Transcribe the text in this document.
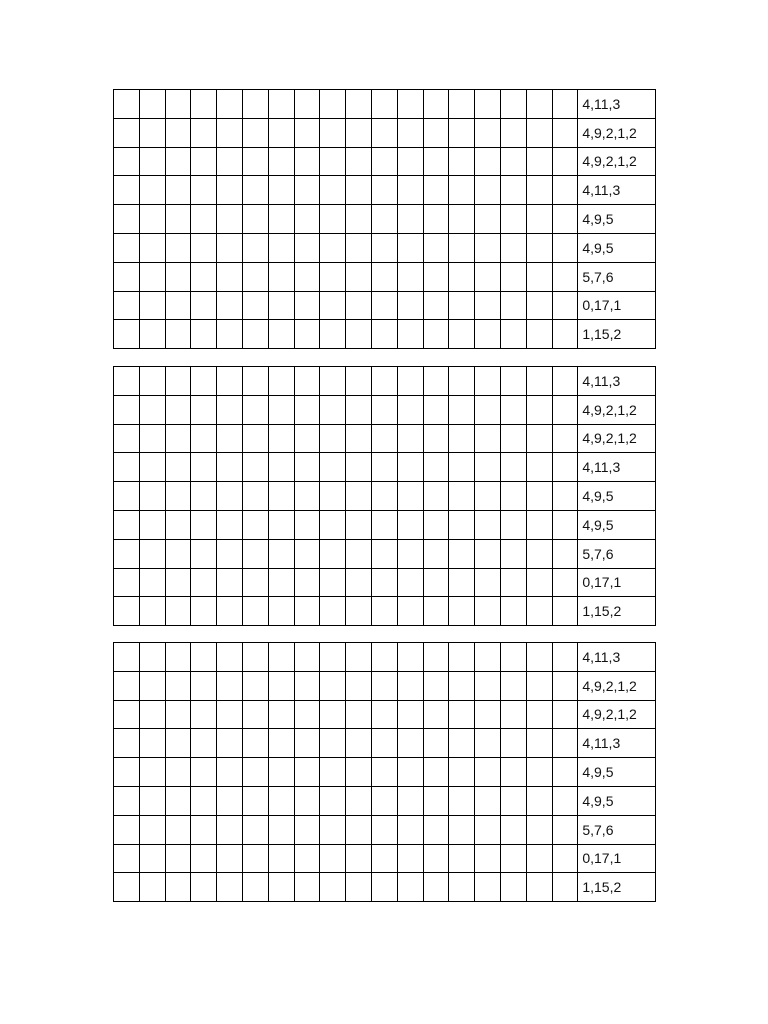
																		4,11,3
																		4,9,2,1,2
																		4,9,2,1,2
																		4,11,3
																		4,9,5
																		4,9,5
																		5,7,6
																		0,17,1
																		1,15,2
																		4,11,3
																		4,9,2,1,2
																		4,9,2,1,2
																		4,11,3
																		4,9,5
																		4,9,5
																		5,7,6
																		0,17,1
																		1,15,2
																		4,11,3
																		4,9,2,1,2
																		4,9,2,1,2
																		4,11,3
																		4,9,5
																		4,9,5
																		5,7,6
																		0,17,1
																		1,15,2
